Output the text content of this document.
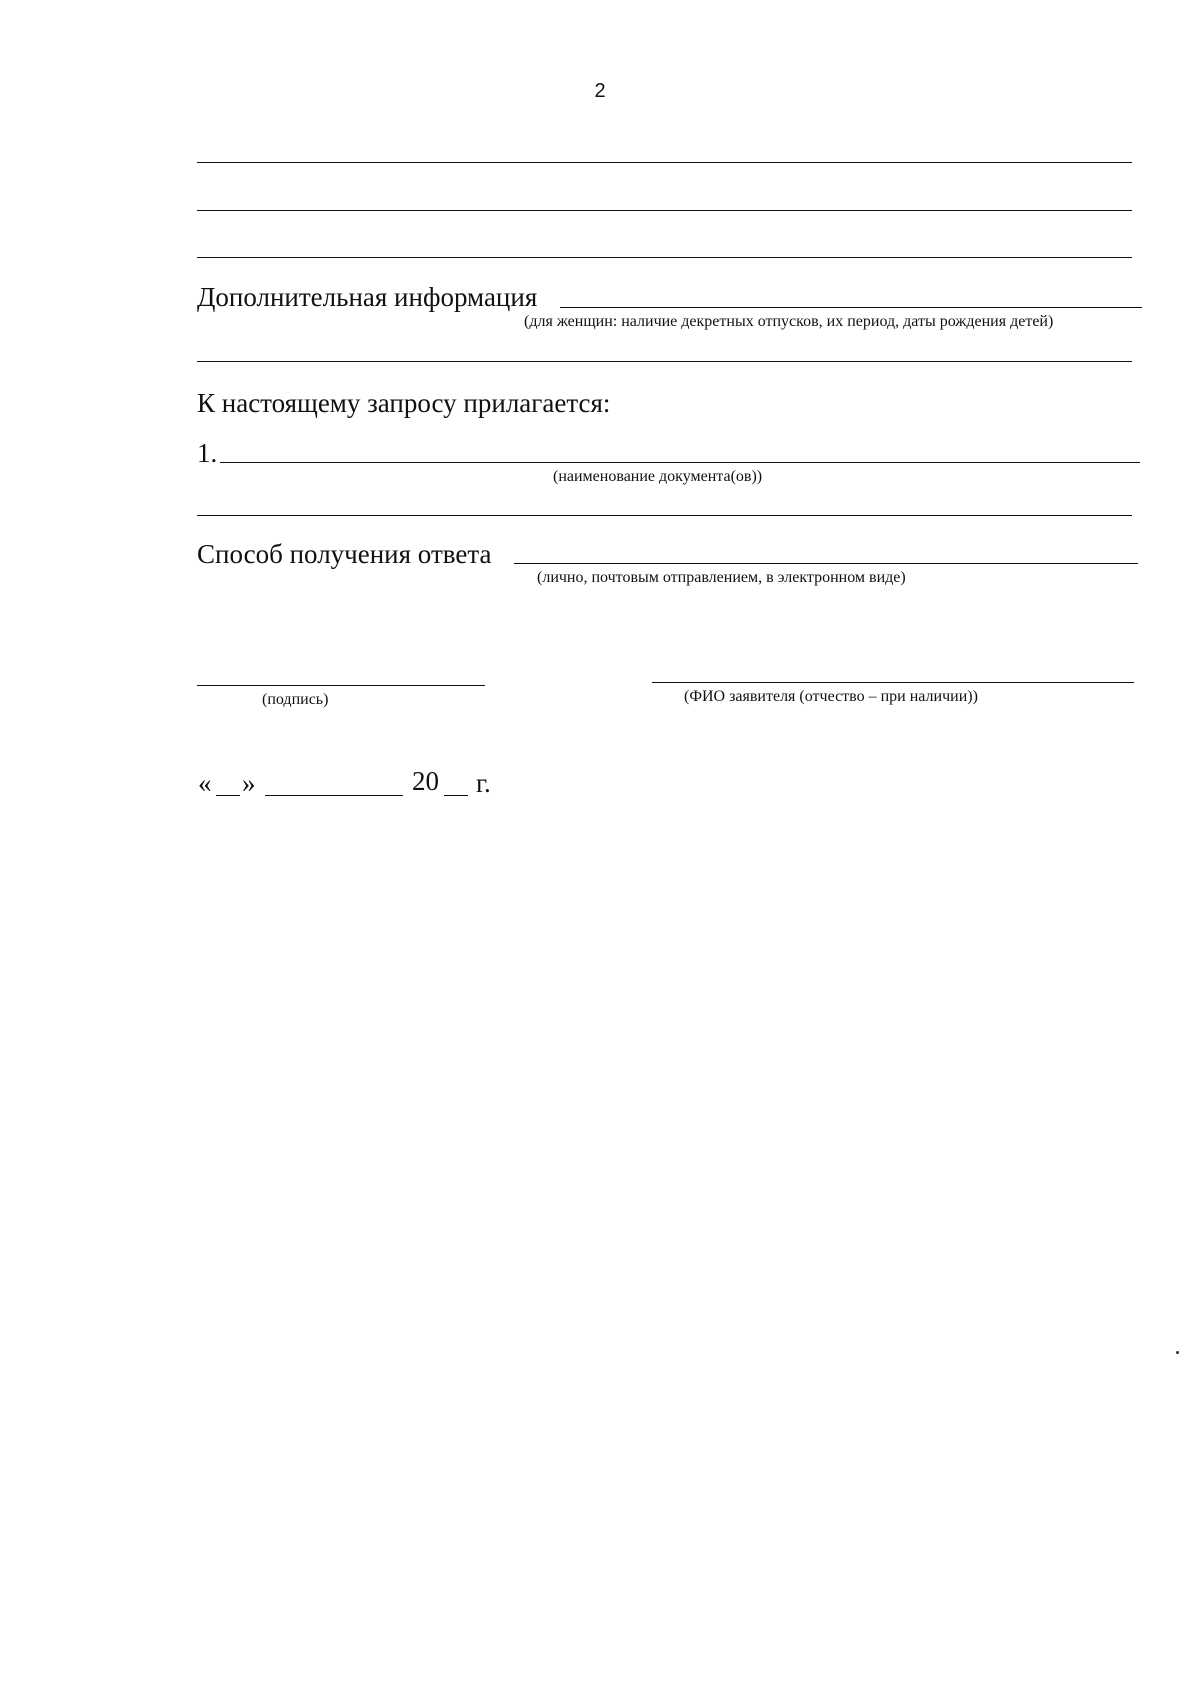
2
Дополнительная информация
(для женщин: наличие декретных отпусков, их период, даты рождения детей)
К настоящему запросу прилагается:
1.
(наименование документа(ов))
Способ получения ответа
(лично, почтовым отправлением, в электронном виде)
(подпись)	(ФИО заявителя (отчество – при наличии))
« »	20 г.
